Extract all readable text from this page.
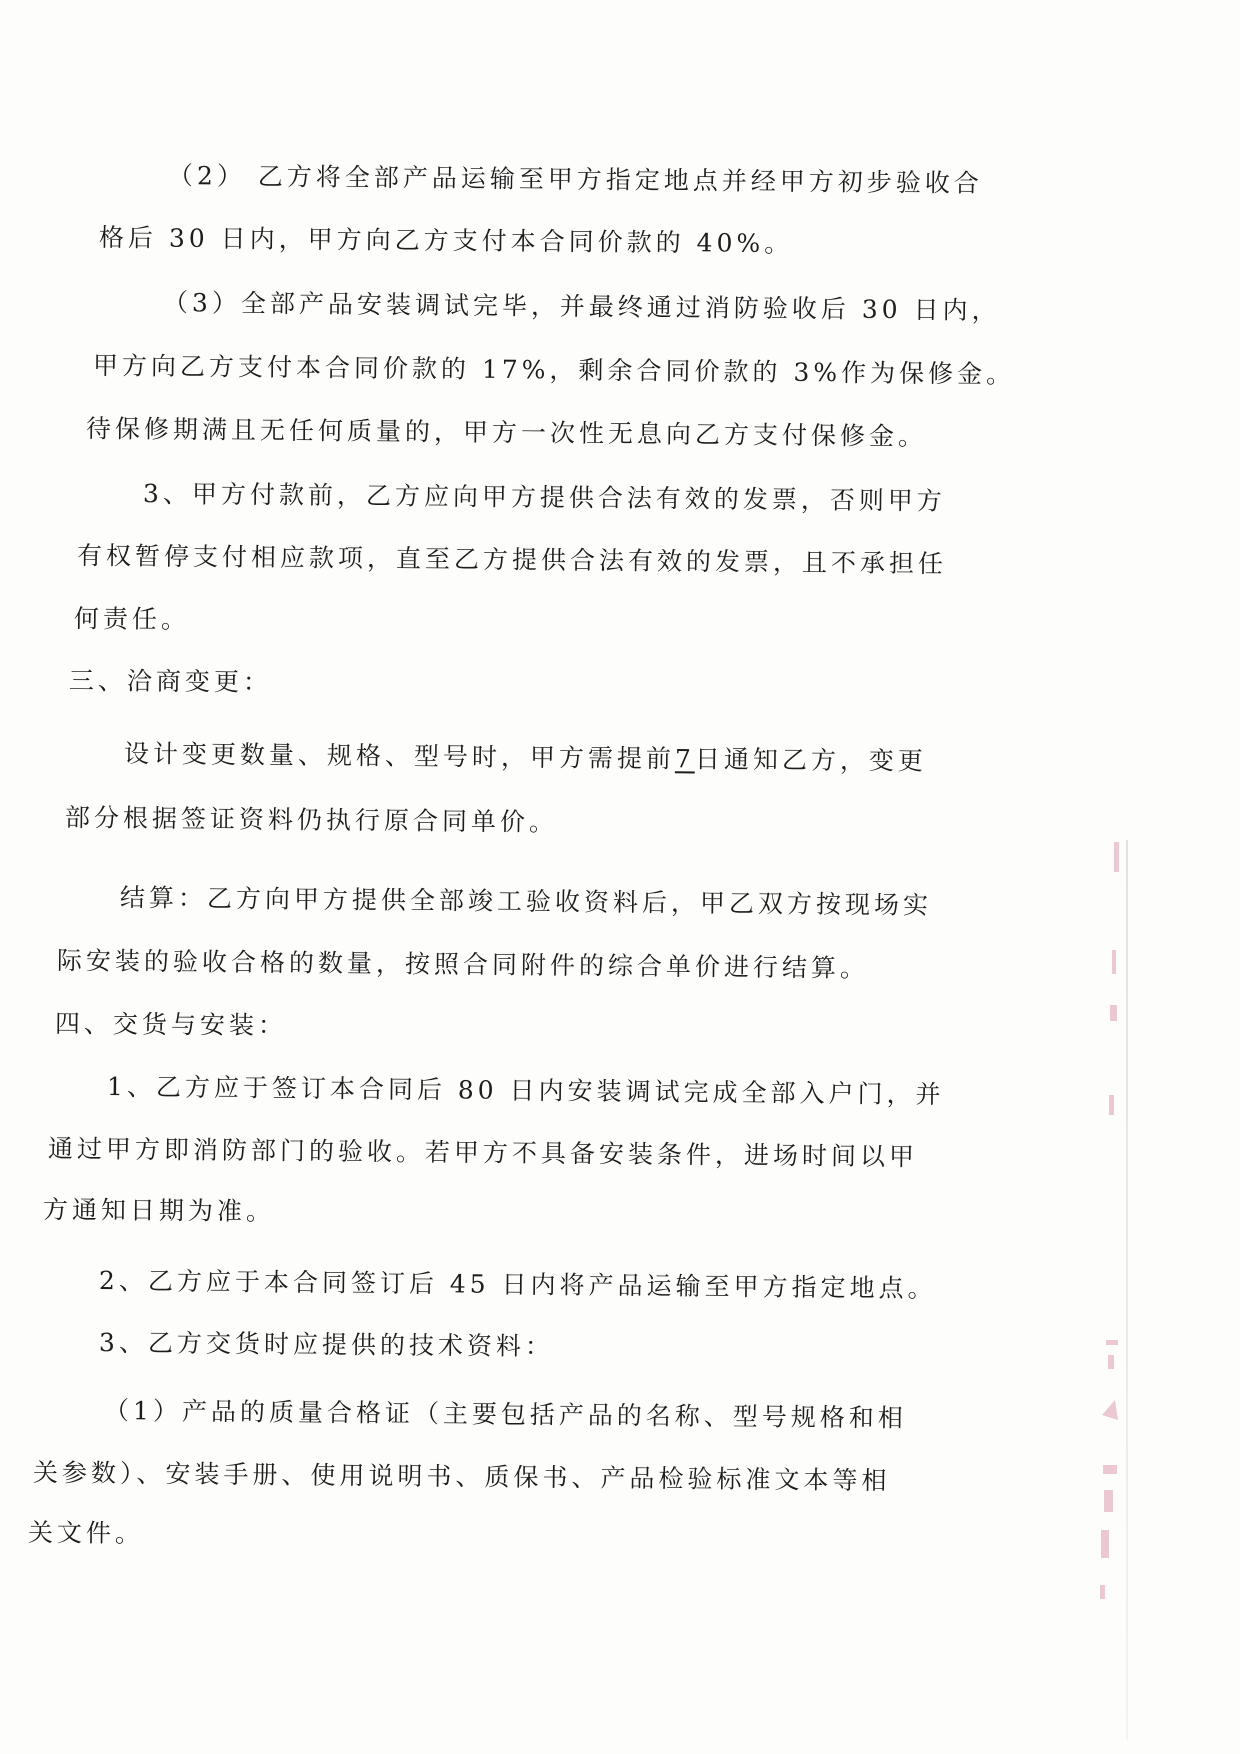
（2） 乙方将全部产品运输至甲方指定地点并经甲方初步验收合
格后 30 日内，甲方向乙方支付本合同价款的 40%。
（3）全部产品安装调试完毕，并最终通过消防验收后 30 日内，
甲方向乙方支付本合同价款的 17%，剩余合同价款的 3%作为保修金。
待保修期满且无任何质量的，甲方一次性无息向乙方支付保修金。
3、甲方付款前，乙方应向甲方提供合法有效的发票，否则甲方
有权暂停支付相应款项，直至乙方提供合法有效的发票，且不承担任
何责任。
三、洽商变更：
设计变更数量、规格、型号时，甲方需提前7日通知乙方，变更
部分根据签证资料仍执行原合同单价。
结算：乙方向甲方提供全部竣工验收资料后，甲乙双方按现场实
际安装的验收合格的数量，按照合同附件的综合单价进行结算。
四、交货与安装：
1、乙方应于签订本合同后 80 日内安装调试完成全部入户门，并
通过甲方即消防部门的验收。若甲方不具备安装条件，进场时间以甲
方通知日期为准。
2、乙方应于本合同签订后 45 日内将产品运输至甲方指定地点。
3、乙方交货时应提供的技术资料：
（1）产品的质量合格证（主要包括产品的名称、型号规格和相
关参数）、安装手册、使用说明书、质保书、产品检验标准文本等相
关文件。
